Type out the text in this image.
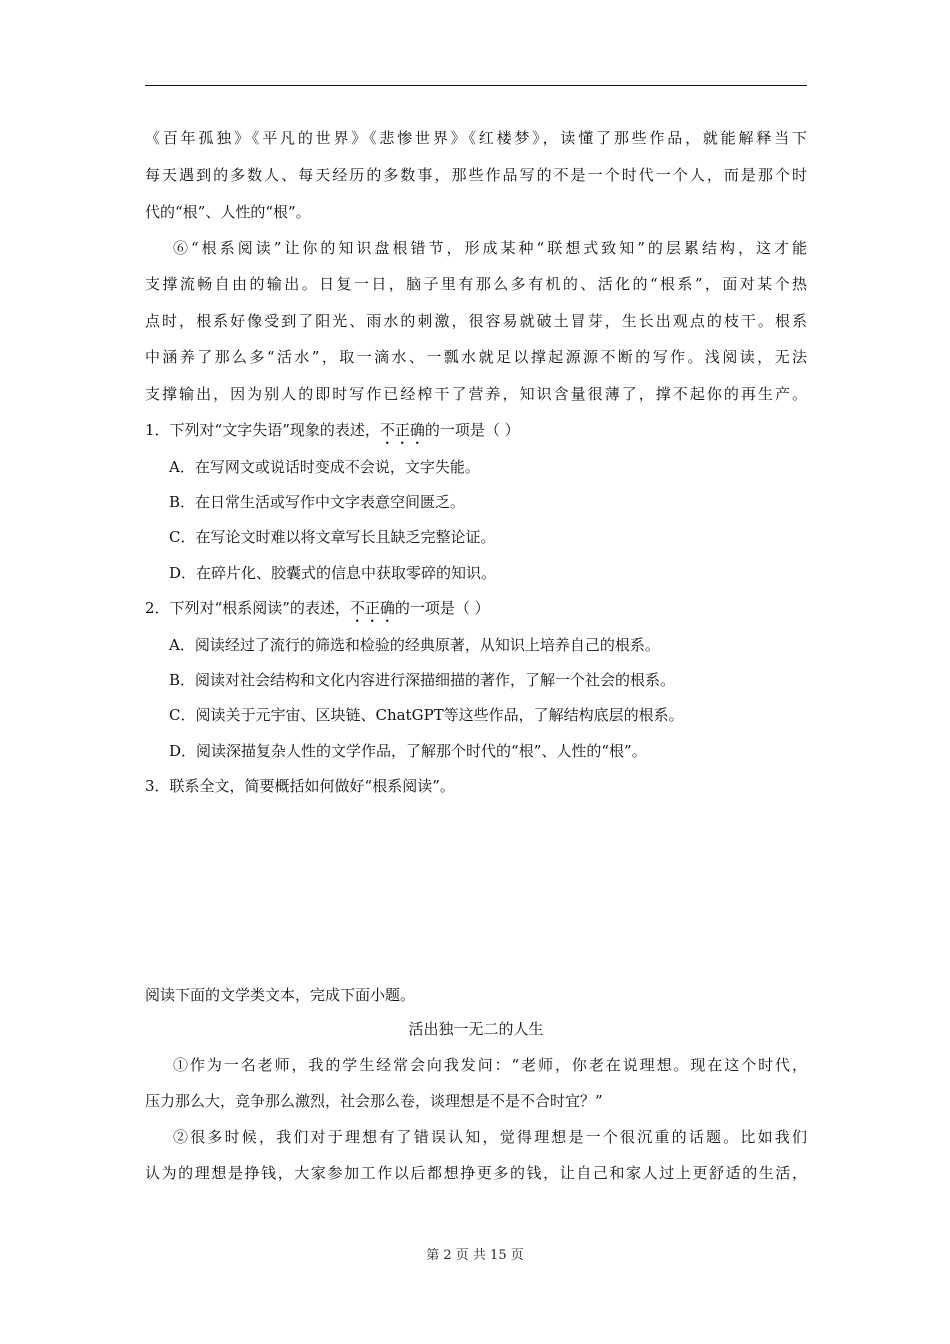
《百年孤独》《平凡的世界》《悲惨世界》《红楼梦》，读懂了那些作品，就能解释当下
每天遇到的多数人、每天经历的多数事，那些作品写的不是一个时代一个人，而是那个时
代的“根”、人性的“根”。
⑥“根系阅读”让你的知识盘根错节，形成某种“联想式致知”的层累结构，这才能
支撑流畅自由的输出。日复一日，脑子里有那么多有机的、活化的“根系”，面对某个热
点时，根系好像受到了阳光、雨水的刺激，很容易就破土冒芽，生长出观点的枝干。根系
中涵养了那么多“活水”，取一滴水、一瓢水就足以撑起源源不断的写作。浅阅读，无法
支撑输出，因为别人的即时写作已经榨干了营养，知识含量很薄了，撑不起你的再生产。
1．下列对“文字失语”现象的表述，不正确的一项是（ ）
A．在写网文或说话时变成不会说，文字失能。
B．在日常生活或写作中文字表意空间匮乏。
C．在写论文时难以将文章写长且缺乏完整论证。
D．在碎片化、胶囊式的信息中获取零碎的知识。
2．下列对“根系阅读”的表述，不正确的一项是（ ）
A．阅读经过了流行的筛选和检验的经典原著，从知识上培养自己的根系。
B．阅读对社会结构和文化内容进行深描细描的著作，了解一个社会的根系。
C．阅读关于元宇宙、区块链、ChatGPT等这些作品，了解结构底层的根系。
D．阅读深描复杂人性的文学作品，了解那个时代的“根”、人性的“根”。
3．联系全文，简要概括如何做好“根系阅读”。
阅读下面的文学类文本，完成下面小题。
活出独一无二的人生
①作为一名老师，我的学生经常会向我发问：“老师，你老在说理想。现在这个时代，
压力那么大，竞争那么激烈，社会那么卷，谈理想是不是不合时宜？”
②很多时候，我们对于理想有了错误认知，觉得理想是一个很沉重的话题。比如我们
认为的理想是挣钱，大家参加工作以后都想挣更多的钱，让自己和家人过上更舒适的生活，
第 2 页 共 15 页
